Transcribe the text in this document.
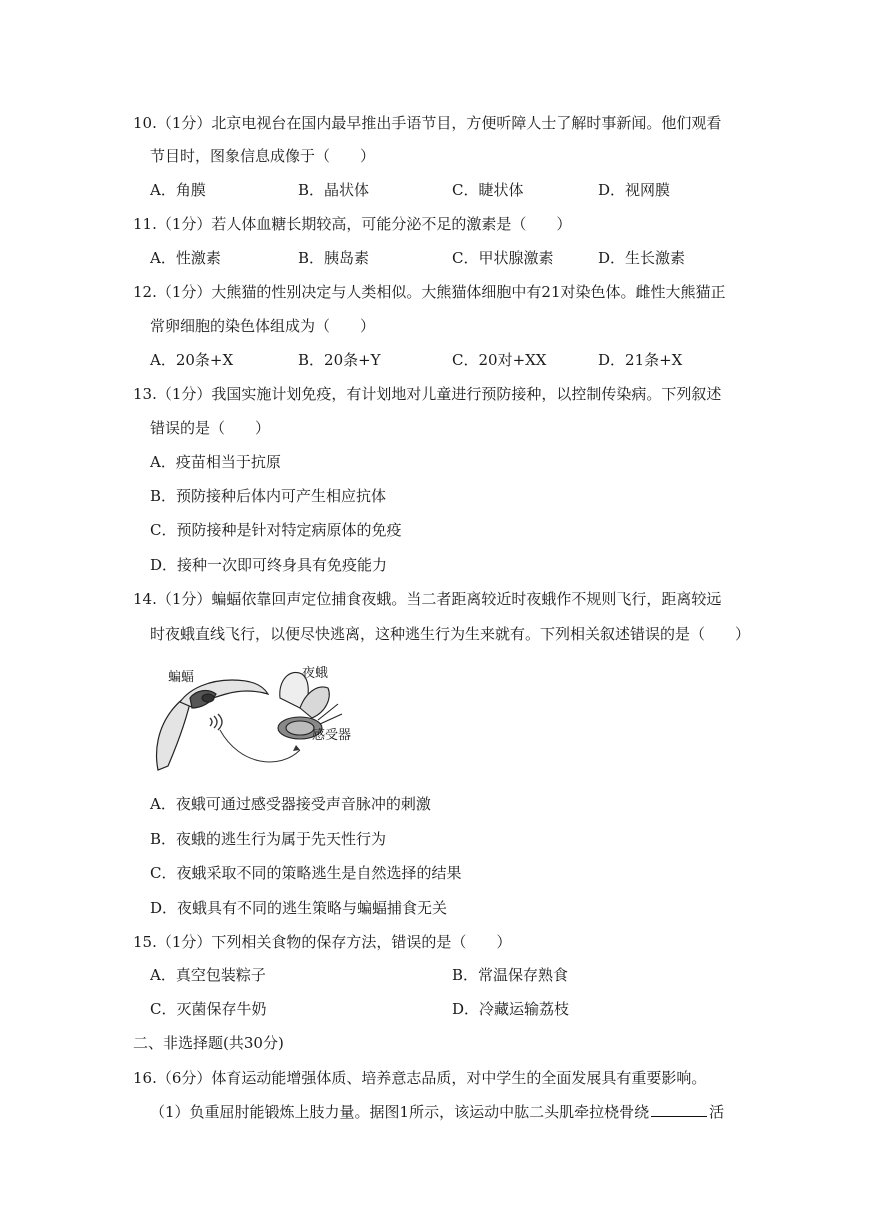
10.（1分）北京电视台在国内最早推出手语节目，方便听障人士了解时事新闻。他们观看
节目时，图象信息成像于（　　）
A．角膜	B．晶状体	C．睫状体	D．视网膜
11.（1分）若人体血糖长期较高，可能分泌不足的激素是（　　）
A．性激素	B．胰岛素	C．甲状腺激素	D．生长激素
12.（1分）大熊猫的性别决定与人类相似。大熊猫体细胞中有21对染色体。雌性大熊猫正
常卵细胞的染色体组成为（　　）
A．20条+X	B．20条+Y	C．20对+XX	D．21条+X
13.（1分）我国实施计划免疫，有计划地对儿童进行预防接种，以控制传染病。下列叙述
错误的是（　　）
A．疫苗相当于抗原
B．预防接种后体内可产生相应抗体
C．预防接种是针对特定病原体的免疫
D．接种一次即可终身具有免疫能力
14.（1分）蝙蝠依靠回声定位捕食夜蛾。当二者距离较近时夜蛾作不规则飞行，距离较远
时夜蛾直线飞行，以便尽快逃离，这种逃生行为生来就有。下列相关叙述错误的是（　　）
蝙蝠	夜蛾
感受器
A．夜蛾可通过感受器接受声音脉冲的刺激
B．夜蛾的逃生行为属于先天性行为
C．夜蛾采取不同的策略逃生是自然选择的结果
D．夜蛾具有不同的逃生策略与蝙蝠捕食无关
15.（1分）下列相关食物的保存方法，错误的是（　　）
A．真空包装粽子	B．常温保存熟食
C．灭菌保存牛奶	D．冷藏运输荔枝
二、非选择题(共30分)
16.（6分）体育运动能增强体质、培养意志品质，对中学生的全面发展具有重要影响。
（1）负重屈肘能锻炼上肢力量。据图1所示，该运动中肱二头肌牵拉桡骨绕	活
